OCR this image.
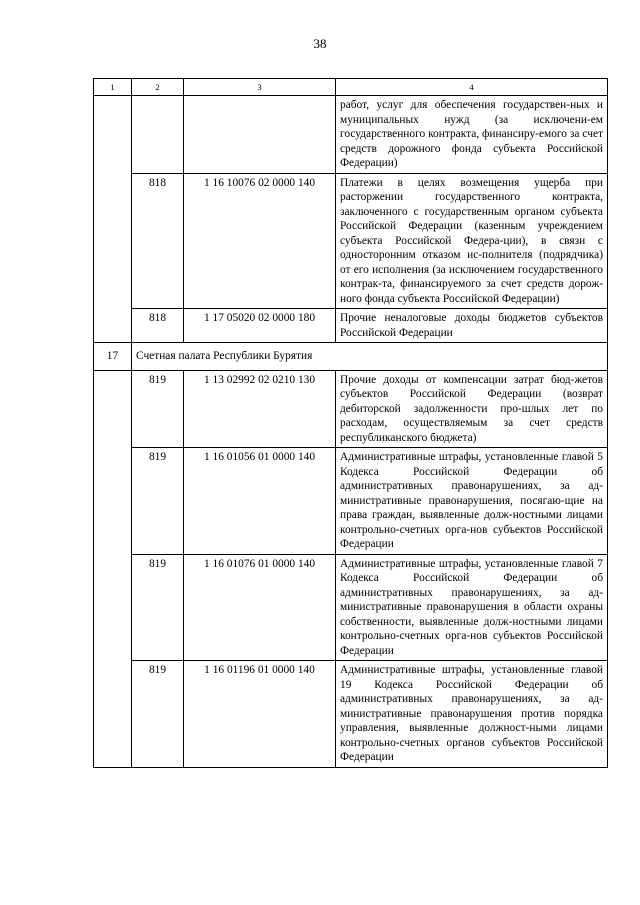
38
1	2	3	4
			работ, услуг для обеспечения государствен-ных и муниципальных нужд (за исключени-ем государственного контракта, финансиру-емого за счет средств дорожного фонда субъекта Российской Федерации)
	818	1 16 10076 02 0000 140	Платежи в целях возмещения ущерба при расторжении государственного контракта, заключенного с государственным органом субъекта Российской Федерации (казенным учреждением субъекта Российской Федера-ции), в связи с односторонним отказом ис-полнителя (подрядчика) от его исполнения (за исключением государственного контрак-та, финансируемого за счет средств дорож-ного фонда субъекта Российской Федерации)
	818	1 17 05020 02 0000 180	Прочие неналоговые доходы бюджетов субъектов Российской Федерации
17	Счетная палата Республики Бурятия		
	819	1 13 02992 02 0210 130	Прочие доходы от компенсации затрат бюд-жетов субъектов Российской Федерации (возврат дебиторской задолженности про-шлых лет по расходам, осуществляемым за счет средств республиканского бюджета)
	819	1 16 01056 01 0000 140	Административные штрафы, установленные главой 5 Кодекса Российской Федерации об административных правонарушениях, за ад-министративные правонарушения, посягаю-щие на права граждан, выявленные долж-ностными лицами контрольно-счетных орга-нов субъектов Российской Федерации
	819	1 16 01076 01 0000 140	Административные штрафы, установленные главой 7 Кодекса Российской Федерации об административных правонарушениях, за ад-министративные правонарушения в области охраны собственности, выявленные долж-ностными лицами контрольно-счетных орга-нов субъектов Российской Федерации
	819	1 16 01196 01 0000 140	Административные штрафы, установленные главой 19 Кодекса Российской Федерации об административных правонарушениях, за ад-министративные правонарушения против порядка управления, выявленные должност-ными лицами контрольно-счетных органов субъектов Российской Федерации
